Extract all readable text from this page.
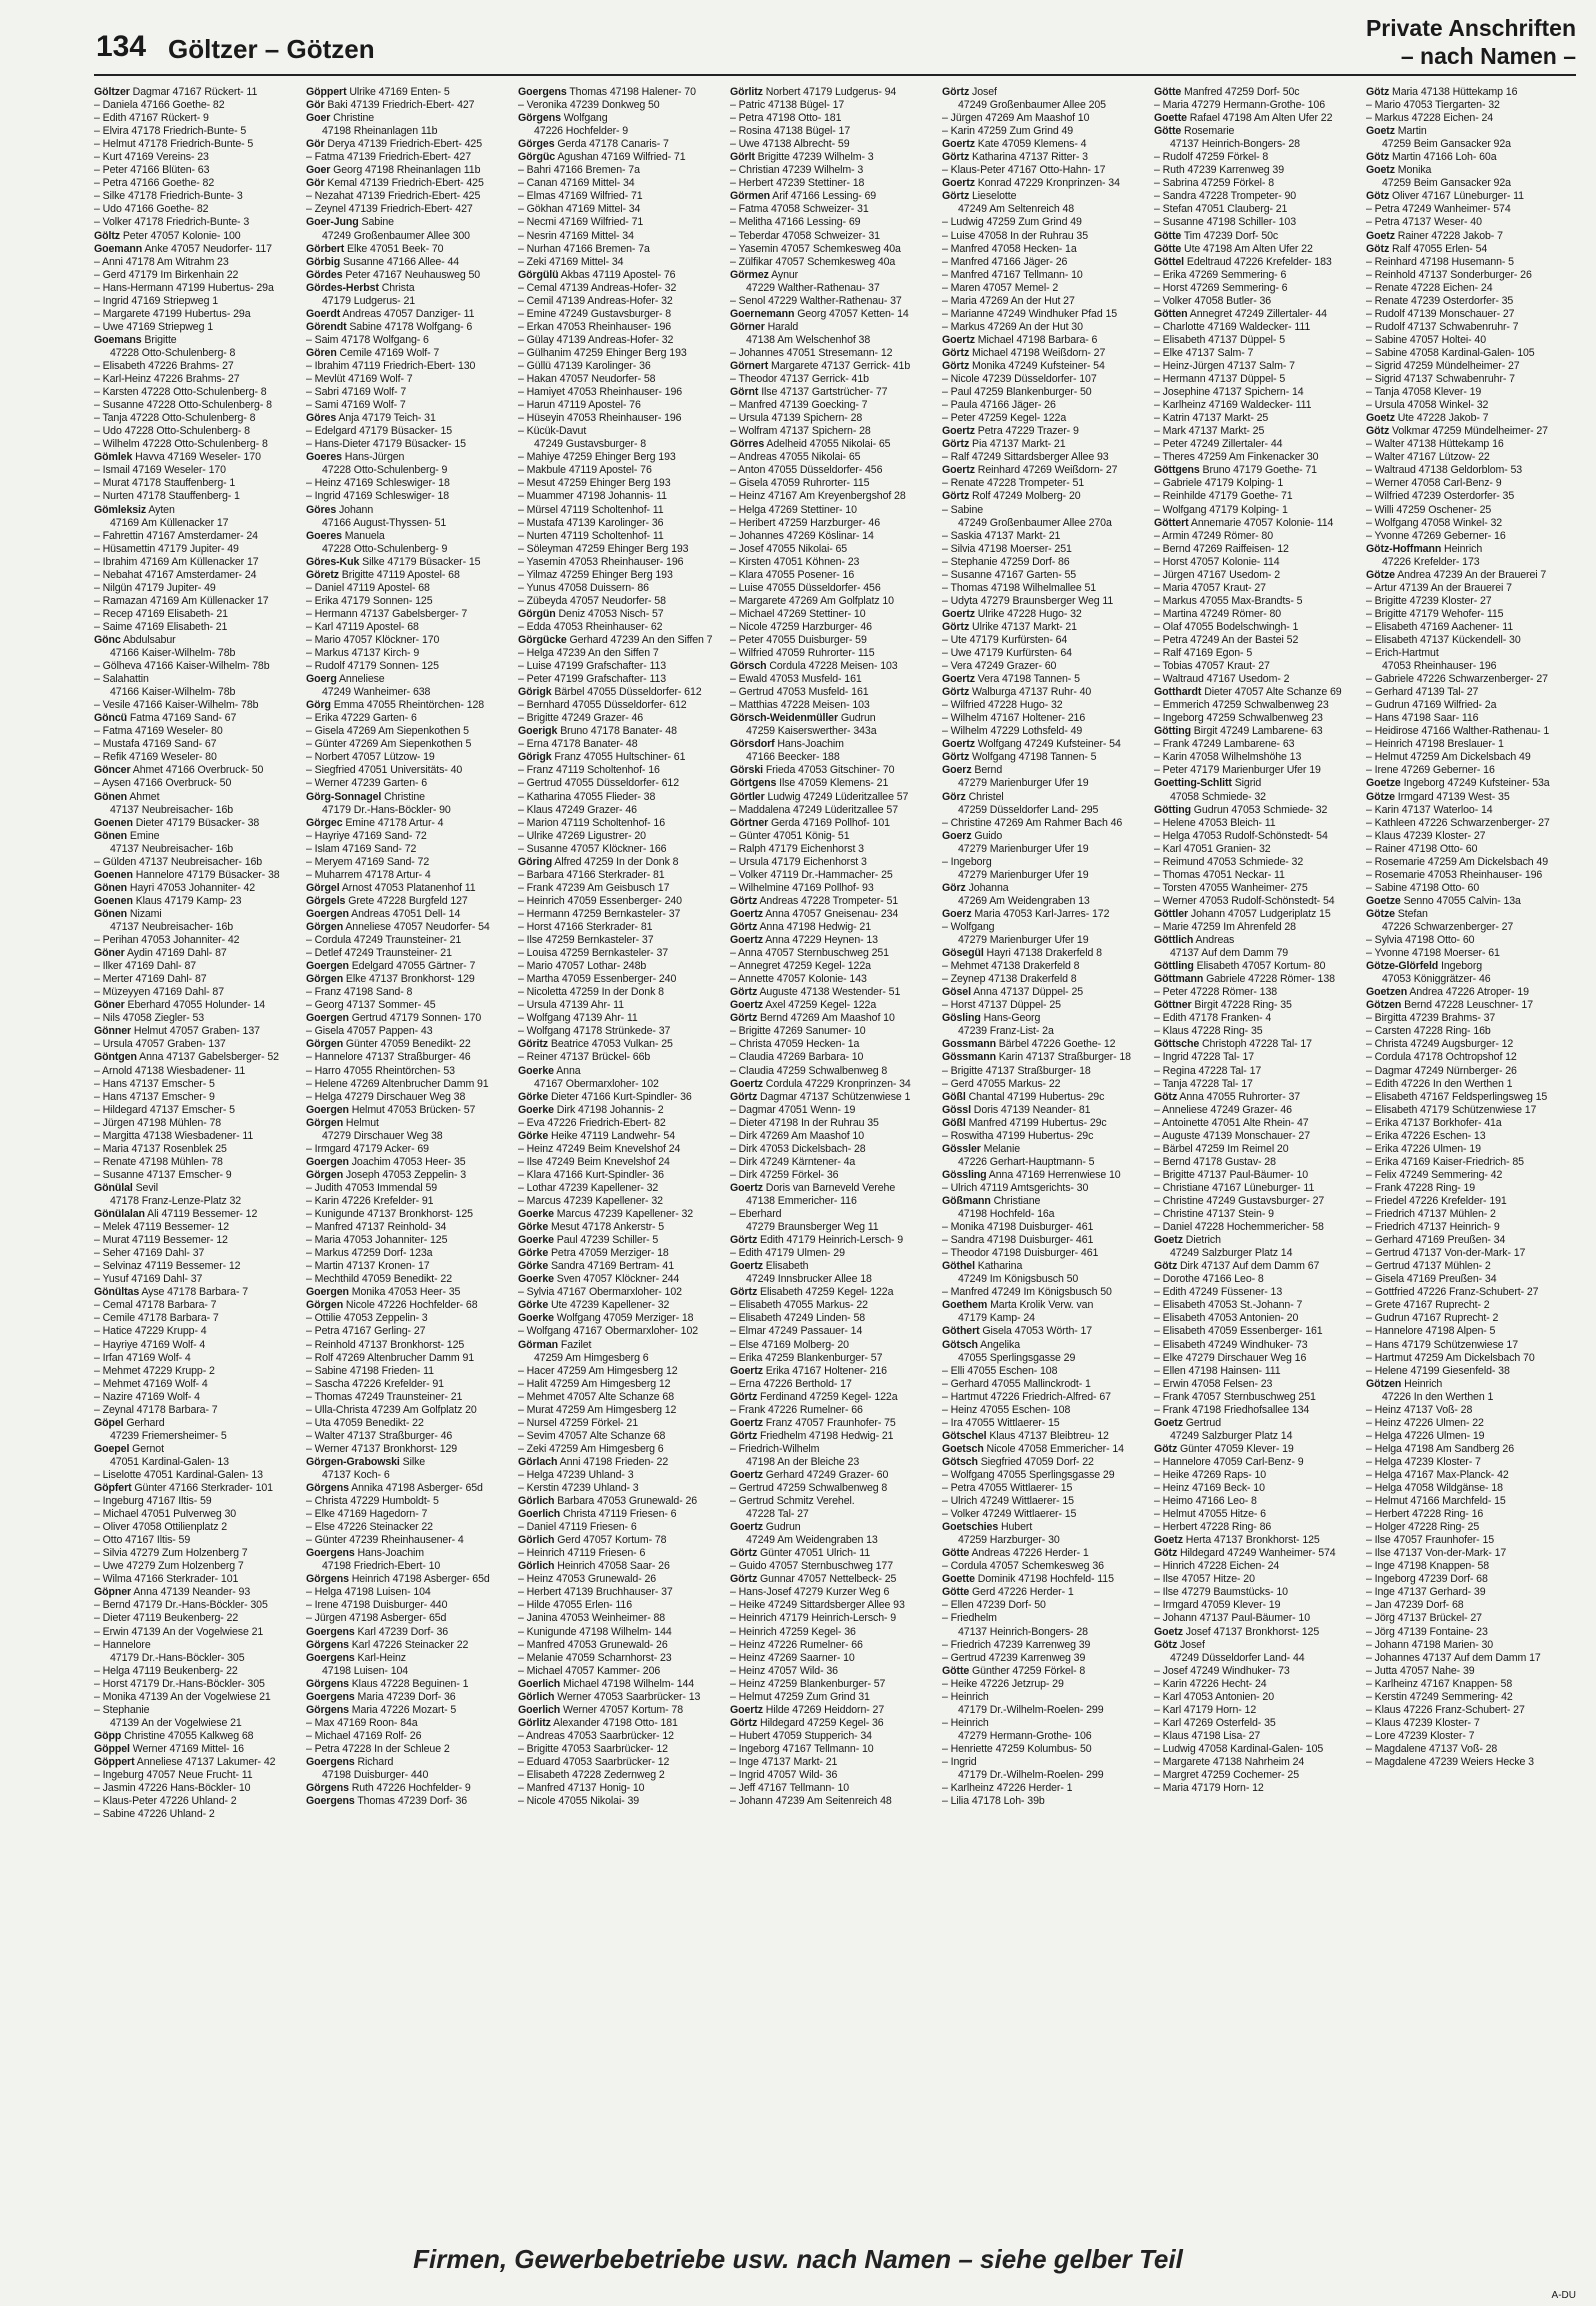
134 Göltzer – Götzen
Private Anschriften
– nach Namen –
Göltzer Dagmar 47167 Rückert- 11
– Daniela 47166 Goethe- 82
– Edith 47167 Rückert- 9
– Elvira 47178 Friedrich-Bunte- 5
– Helmut 47178 Friedrich-Bunte- 5
– Kurt 47169 Vereins- 23
– Peter 47166 Blüten- 63
– Petra 47166 Goethe- 82
– Silke 47178 Friedrich-Bunte- 3
– Udo 47166 Goethe- 82
– Volker 47178 Friedrich-Bunte- 3
Göltz Peter 47057 Kolonie- 100
Goemann Anke 47057 Neudorfer- 117
– Anni 47178 Am Witrahm 23
– Gerd 47179 Im Birkenhain 22
– Hans-Hermann 47199 Hubertus- 29a
– Ingrid 47169 Striepweg 1
– Margarete 47199 Hubertus- 29a
– Uwe 47169 Striepweg 1
Goemans Brigitte
47228 Otto-Schulenberg- 8
– Elisabeth 47226 Brahms- 27
– Karl-Heinz 47226 Brahms- 27
– Karsten 47228 Otto-Schulenberg- 8
– Susanne 47228 Otto-Schulenberg- 8
– Tanja 47228 Otto-Schulenberg- 8
– Udo 47228 Otto-Schulenberg- 8
– Wilhelm 47228 Otto-Schulenberg- 8
Gömlek Havva 47169 Weseler- 170
– Ismail 47169 Weseler- 170
– Murat 47178 Stauffenberg- 1
– Nurten 47178 Stauffenberg- 1
Gömleksiz Ayten
47169 Am Küllenacker 17
– Fahrettin 47167 Amsterdamer- 24
– Hüsamettin 47179 Jupiter- 49
– Ibrahim 47169 Am Küllenacker 17
– Nebahat 47167 Amsterdamer- 24
– Nilgün 47179 Jupiter- 49
– Ramazan 47169 Am Küllenacker 17
– Recep 47169 Elisabeth- 21
– Saime 47169 Elisabeth- 21
Gönc Abdulsabur
47166 Kaiser-Wilhelm- 78b
– Gölheva 47166 Kaiser-Wilhelm- 78b
– Salahattin
47166 Kaiser-Wilhelm- 78b
– Vesile 47166 Kaiser-Wilhelm- 78b
Göncü Fatma 47169 Sand- 67
– Fatma 47169 Weseler- 80
– Mustafa 47169 Sand- 67
– Refik 47169 Weseler- 80
Göncer Ahmet 47166 Overbruck- 50
– Aysen 47166 Overbruck- 50
Gönen Ahmet
47137 Neubreisacher- 16b
Goenen Dieter 47179 Büsacker- 38
Gönen Emine
47137 Neubreisacher- 16b
– Gülden 47137 Neubreisacher- 16b
Goenen Hannelore 47179 Büsacker- 38
Gönen Hayri 47053 Johanniter- 42
Goenen Klaus 47179 Kamp- 23
Gönen Nizami
47137 Neubreisacher- 16b
– Perihan 47053 Johanniter- 42
Göner Aydin 47169 Dahl- 87
– Ilker 47169 Dahl- 87
– Merter 47169 Dahl- 87
– Müzeyyen 47169 Dahl- 87
Göner Eberhard 47055 Holunder- 14
– Nils 47058 Ziegler- 53
Gönner Helmut 47057 Graben- 137
– Ursula 47057 Graben- 137
Göntgen Anna 47137 Gabelsberger- 52
– Arnold 47138 Wiesbadener- 11
– Hans 47137 Emscher- 5
– Hans 47137 Emscher- 9
– Hildegard 47137 Emscher- 5
– Jürgen 47198 Mühlen- 78
– Margitta 47138 Wiesbadener- 11
– Maria 47137 Rosenblek 25
– Renate 47198 Mühlen- 78
– Susanne 47137 Emscher- 9
Gönülal Sevil
47178 Franz-Lenze-Platz 32
Gönülalan Ali 47119 Bessemer- 12
– Melek 47119 Bessemer- 12
– Murat 47119 Bessemer- 12
– Seher 47169 Dahl- 37
– Selvinaz 47119 Bessemer- 12
– Yusuf 47169 Dahl- 37
Gönültas Ayse 47178 Barbara- 7
– Cemal 47178 Barbara- 7
– Cemile 47178 Barbara- 7
– Hatice 47229 Krupp- 4
– Hayriye 47169 Wolf- 4
– Irfan 47169 Wolf- 4
– Mehmet 47229 Krupp- 2
– Mehmet 47169 Wolf- 4
– Nazire 47169 Wolf- 4
– Zeynal 47178 Barbara- 7
Göpel Gerhard
47239 Friemersheimer- 5
Goepel Gernot
47051 Kardinal-Galen- 13
– Liselotte 47051 Kardinal-Galen- 13
Göpfert Günter 47166 Sterkrader- 101
– Ingeburg 47167 Iltis- 59
– Michael 47051 Pulverweg 30
– Oliver 47058 Ottilienplatz 2
– Otto 47167 Iltis- 59
– Silvia 47279 Zum Holzenberg 7
– Uwe 47279 Zum Holzenberg 7
– Wilma 47166 Sterkrader- 101
Göpner Anna 47139 Neander- 93
– Bernd 47179 Dr.-Hans-Böckler- 305
– Dieter 47119 Beukenberg- 22
– Erwin 47139 An der Vogelwiese 21
– Hannelore
47179 Dr.-Hans-Böckler- 305
– Helga 47119 Beukenberg- 22
– Horst 47179 Dr.-Hans-Böckler- 305
– Monika 47139 An der Vogelwiese 21
– Stephanie
47139 An der Vogelwiese 21
Göpp Christine 47055 Kalkweg 68
Göppel Werner 47169 Mittel- 16
Göppert Anneliese 47137 Lakumer- 42
– Ingeburg 47057 Neue Frucht- 11
– Jasmin 47226 Hans-Böckler- 10
– Klaus-Peter 47226 Uhland- 2
– Sabine 47226 Uhland- 2
Göppert Ulrike 47169 Enten- 5
Gör Baki 47139 Friedrich-Ebert- 427
Goer Christine
47198 Rheinanlagen 11b
Gör Derya 47139 Friedrich-Ebert- 425
– Fatma 47139 Friedrich-Ebert- 427
Goer Georg 47198 Rheinanlagen 11b
Gör Kemal 47139 Friedrich-Ebert- 425
– Nezahat 47139 Friedrich-Ebert- 425
– Zeynel 47139 Friedrich-Ebert- 427
Goer-Jung Sabine
47249 Großenbaumer Allee 300
Görbert Elke 47051 Beek- 70
Görbig Susanne 47166 Allee- 44
Gördes Peter 47167 Neuhausweg 50
Gördes-Herbst Christa
47179 Ludgerus- 21
Goerdt Andreas 47057 Danziger- 11
Görendt Sabine 47178 Wolfgang- 6
– Saim 47178 Wolfgang- 6
Gören Cemile 47169 Wolf- 7
– Ibrahim 47119 Friedrich-Ebert- 130
– Mevlüt 47169 Wolf- 7
– Sabri 47169 Wolf- 7
– Sami 47169 Wolf- 7
Göres Anja 47179 Teich- 31
– Edelgard 47179 Büsacker- 15
– Hans-Dieter 47179 Büsacker- 15
Goeres Hans-Jürgen
47228 Otto-Schulenberg- 9
– Heinz 47169 Schleswiger- 18
– Ingrid 47169 Schleswiger- 18
Göres Johann
47166 August-Thyssen- 51
Goeres Manuela
47228 Otto-Schulenberg- 9
Göres-Kuk Silke 47179 Büsacker- 15
Göretz Brigitte 47119 Apostel- 68
– Daniel 47119 Apostel- 68
– Erika 47179 Sonnen- 125
– Hermann 47137 Gabelsberger- 7
– Karl 47119 Apostel- 68
– Mario 47057 Klöckner- 170
– Markus 47137 Kirch- 9
– Rudolf 47179 Sonnen- 125
Goerg Anneliese
47249 Wanheimer- 638
Görg Emma 47055 Rheintörchen- 128
– Erika 47229 Garten- 6
– Gisela 47269 Am Siepenkothen 5
– Günter 47269 Am Siepenkothen 5
– Norbert 47057 Lützow- 19
– Siegfried 47051 Universitäts- 40
– Werner 47239 Garten- 6
Görg-Sonnagel Christine
47179 Dr.-Hans-Böckler- 90
Görgec Emine 47178 Artur- 4
– Hayriye 47169 Sand- 72
– Islam 47169 Sand- 72
– Meryem 47169 Sand- 72
– Muharrem 47178 Artur- 4
Görgel Arnost 47053 Platanenhof 11
Görgels Grete 47228 Burgfeld 127
Goergen Andreas 47051 Dell- 14
Görgen Anneliese 47057 Neudorfer- 54
– Cordula 47249 Traunsteiner- 21
– Detlef 47249 Traunsteiner- 21
Goergen Edelgard 47055 Gärtner- 7
Görgen Elke 47137 Bronkhorst- 129
– Franz 47198 Sand- 8
– Georg 47137 Sommer- 45
Goergen Gertrud 47179 Sonnen- 170
– Gisela 47057 Pappen- 43
Görgen Günter 47059 Benedikt- 22
– Hannelore 47137 Straßburger- 46
– Harro 47055 Rheintörchen- 53
– Helene 47269 Altenbrucher Damm 91
– Helga 47279 Dirschauer Weg 38
Goergen Helmut 47053 Brücken- 57
Görgen Helmut
47279 Dirschauer Weg 38
– Irmgard 47179 Acker- 69
Goergen Joachim 47053 Heer- 35
Görgen Joseph 47053 Zeppelin- 3
– Judith 47053 Immendal 59
– Karin 47226 Krefelder- 91
– Kunigunde 47137 Bronkhorst- 125
– Manfred 47137 Reinhold- 34
– Maria 47053 Johanniter- 125
– Markus 47259 Dorf- 123a
– Martin 47137 Kronen- 17
– Mechthild 47059 Benedikt- 22
Goergen Monika 47053 Heer- 35
Görgen Nicole 47226 Hochfelder- 68
– Ottilie 47053 Zeppelin- 3
– Petra 47167 Gerling- 27
– Reinhold 47137 Bronkhorst- 125
– Rolf 47269 Altenbrucher Damm 91
– Sabine 47198 Frieden- 11
– Sascha 47226 Krefelder- 91
– Thomas 47249 Traunsteiner- 21
– Ulla-Christa 47239 Am Golfplatz 20
– Uta 47059 Benedikt- 22
– Walter 47137 Straßburger- 46
– Werner 47137 Bronkhorst- 129
Görgen-Grabowski Silke
47137 Koch- 6
Görgens Annika 47198 Asberger- 65d
– Christa 47229 Humboldt- 5
– Elke 47169 Hagedorn- 7
– Else 47226 Steinacker 22
– Günter 47239 Rheinhausener- 4
Goergens Hans-Joachim
47198 Friedrich-Ebert- 10
Görgens Heinrich 47198 Asberger- 65d
– Helga 47198 Luisen- 104
– Irene 47198 Duisburger- 440
– Jürgen 47198 Asberger- 65d
Goergens Karl 47239 Dorf- 36
Görgens Karl 47226 Steinacker 22
Goergens Karl-Heinz
47198 Luisen- 104
Görgens Klaus 47228 Beguinen- 1
Goergens Maria 47239 Dorf- 36
Görgens Maria 47226 Mozart- 5
– Max 47169 Roon- 84a
– Michael 47169 Rolf- 26
– Petra 47228 In der Schleue 2
Goergens Richard
47198 Duisburger- 440
Görgens Ruth 47226 Hochfelder- 9
Goergens Thomas 47239 Dorf- 36
Goergens Thomas 47198 Halener- 70
– Veronika 47239 Donkweg 50
Görgens Wolfgang
47226 Hochfelder- 9
Görges Gerda 47178 Canaris- 7
Görgüc Agushan 47169 Wilfried- 71
– Bahri 47166 Bremen- 7a
– Canan 47169 Mittel- 34
– Elmas 47169 Wilfried- 71
– Gökhan 47169 Mittel- 34
– Necmi 47169 Wilfried- 71
– Nesrin 47169 Mittel- 34
– Nurhan 47166 Bremen- 7a
– Zeki 47169 Mittel- 34
Görgülü Akbas 47119 Apostel- 76
– Cemal 47139 Andreas-Hofer- 32
– Cemil 47139 Andreas-Hofer- 32
– Emine 47249 Gustavsburger- 8
– Erkan 47053 Rheinhauser- 196
– Gülay 47139 Andreas-Hofer- 32
– Gülhanim 47259 Ehinger Berg 193
– Güllü 47139 Karolinger- 36
– Hakan 47057 Neudorfer- 58
– Hamiyet 47053 Rheinhauser- 196
– Harun 47119 Apostel- 76
– Hüseyin 47053 Rheinhauser- 196
– Kücük-Davut
47249 Gustavsburger- 8
– Mahiye 47259 Ehinger Berg 193
– Makbule 47119 Apostel- 76
– Mesut 47259 Ehinger Berg 193
– Muammer 47198 Johannis- 11
– Mürsel 47119 Scholtenhof- 11
– Mustafa 47139 Karolinger- 36
– Nurten 47119 Scholtenhof- 11
– Söleyman 47259 Ehinger Berg 193
– Yasemin 47053 Rheinhauser- 196
– Yilmaz 47259 Ehinger Berg 193
– Yunus 47058 Duissern- 86
– Zübeyda 47057 Neudorfer- 58
Görgün Deniz 47053 Nisch- 57
– Edda 47053 Rheinhauser- 62
Görgücke Gerhard 47239 An den Siffen 7
– Helga 47239 An den Siffen 7
– Luise 47199 Grafschafter- 113
– Peter 47199 Grafschafter- 113
Görigk Bärbel 47055 Düsseldorfer- 612
– Bernhard 47055 Düsseldorfer- 612
– Brigitte 47249 Grazer- 46
Goerigk Bruno 47178 Banater- 48
– Erna 47178 Banater- 48
Görigk Franz 47055 Hultschiner- 61
– Franz 47119 Scholtenhof- 16
– Gertrud 47055 Düsseldorfer- 612
– Katharina 47055 Flieder- 38
– Klaus 47249 Grazer- 46
– Marion 47119 Scholtenhof- 16
– Ulrike 47269 Ligustrer- 20
– Susanne 47057 Klöckner- 166
Göring Alfred 47259 In der Donk 8
– Barbara 47166 Sterkrader- 81
– Frank 47239 Am Geisbusch 17
– Heinrich 47059 Essenberger- 240
– Hermann 47259 Bernkasteler- 37
– Horst 47166 Sterkrader- 81
– Ilse 47259 Bernkasteler- 37
– Louisa 47259 Bernkasteler- 37
– Mario 47057 Lothar- 248b
– Martha 47059 Essenberger- 240
– Nicoletta 47259 In der Donk 8
– Ursula 47139 Ahr- 11
– Wolfgang 47139 Ahr- 11
– Wolfgang 47178 Strünkede- 37
Göritz Beatrice 47053 Vulkan- 25
– Reiner 47137 Brückel- 66b
Goerke Anna
47167 Obermarxloher- 102
Görke Dieter 47166 Kurt-Spindler- 36
Goerke Dirk 47198 Johannis- 2
– Eva 47226 Friedrich-Ebert- 82
Görke Heike 47119 Landwehr- 54
– Heinz 47249 Beim Knevelshof 24
– Ilse 47249 Beim Knevelshof 24
– Klara 47166 Kurt-Spindler- 36
– Lothar 47239 Kapellener- 32
– Marcus 47239 Kapellener- 32
Goerke Marcus 47239 Kapellener- 32
Görke Mesut 47178 Ankerstr- 5
Goerke Paul 47239 Schiller- 5
Görke Petra 47059 Merziger- 18
Görke Sandra 47169 Bertram- 41
Goerke Sven 47057 Klöckner- 244
– Sylvia 47167 Obermarxloher- 102
Görke Ute 47239 Kapellener- 32
Goerke Wolfgang 47059 Merziger- 18
– Wolfgang 47167 Obermarxloher- 102
Görman Fazilet
47259 Am Himgesberg 6
– Hacer 47259 Am Himgesberg 12
– Halit 47259 Am Himgesberg 12
– Mehmet 47057 Alte Schanze 68
– Murat 47259 Am Himgesberg 12
– Nursel 47259 Förkel- 21
– Sevim 47057 Alte Schanze 68
– Zeki 47259 Am Himgesberg 6
Görlach Anni 47198 Frieden- 22
– Helga 47239 Uhland- 3
– Kerstin 47239 Uhland- 3
Görlich Barbara 47053 Grunewald- 26
Goerlich Christa 47119 Friesen- 6
– Daniel 47119 Friesen- 6
Görlich Gerd 47057 Kortum- 78
– Heinrich 47119 Friesen- 6
Görlich Heinrich 47058 Saar- 26
– Heinz 47053 Grunewald- 26
– Herbert 47139 Bruchhauser- 37
– Hilde 47055 Erlen- 116
– Janina 47053 Weinheimer- 88
– Kunigunde 47198 Wilhelm- 144
– Manfred 47053 Grunewald- 26
– Melanie 47059 Scharnhorst- 23
– Michael 47057 Kammer- 206
Goerlich Michael 47198 Wilhelm- 144
Görlich Werner 47053 Saarbrücker- 13
Goerlich Werner 47057 Kortum- 78
Görlitz Alexander 47198 Otto- 181
– Andreas 47053 Saarbrücker- 12
– Brigitte 47053 Saarbrücker- 12
– Eduard 47053 Saarbrücker- 12
– Elisabeth 47228 Zedernweg 2
– Manfred 47137 Honig- 10
– Nicole 47055 Nikolai- 39
Görlitz Norbert 47179 Ludgerus- 94
– Patric 47138 Bügel- 17
– Petra 47198 Otto- 181
– Rosina 47138 Bügel- 17
– Uwe 47138 Albrecht- 59
Görlt Brigitte 47239 Wilhelm- 3
– Christian 47239 Wilhelm- 3
– Herbert 47239 Stettiner- 18
Görmen Arif 47166 Lessing- 69
– Fatma 47058 Schweizer- 31
– Melitha 47166 Lessing- 69
– Teberdar 47058 Schweizer- 31
– Yasemin 47057 Schemkesweg 40a
– Zülfikar 47057 Schemkesweg 40a
Görmez Aynur
47229 Walther-Rathenau- 37
– Senol 47229 Walther-Rathenau- 37
Goernemann Georg 47057 Ketten- 14
Görner Harald
47138 Am Welschenhof 38
– Johannes 47051 Stresemann- 12
Görnert Margarete 47137 Gerrick- 41b
– Theodor 47137 Gerrick- 41b
Görnt Ilse 47137 Gartstrücher- 77
– Manfred 47139 Goecking- 7
– Ursula 47139 Spichern- 28
– Wolfram 47137 Spichern- 28
Görres Adelheid 47055 Nikolai- 65
– Andreas 47055 Nikolai- 65
– Anton 47055 Düsseldorfer- 456
– Gisela 47059 Ruhrorter- 115
– Heinz 47167 Am Kreyenbergshof 28
– Helga 47269 Stettiner- 10
– Heribert 47259 Harzburger- 46
– Johannes 47269 Köslinar- 14
– Josef 47055 Nikolai- 65
– Kirsten 47051 Köhnen- 23
– Klara 47055 Posener- 16
– Luise 47055 Düsseldorfer- 456
– Margarete 47269 Am Golfplatz 10
– Michael 47269 Stettiner- 10
– Nicole 47259 Harzburger- 46
– Peter 47055 Duisburger- 59
– Wilfried 47059 Ruhrorter- 115
Görsch Cordula 47228 Meisen- 103
– Ewald 47053 Musfeld- 161
– Gertrud 47053 Musfeld- 161
– Matthias 47228 Meisen- 103
Görsch-Weidenmüller Gudrun
47259 Kaiserswerther- 343a
Görsdorf Hans-Joachim
47166 Beecker- 188
Görski Frieda 47053 Gitschiner- 70
Görtgens Ilse 47059 Klemens- 21
Görtler Ludwig 47249 Lüderitzallee 57
– Maddalena 47249 Lüderitzallee 57
Görtner Gerda 47169 Pollhof- 101
– Günter 47051 König- 51
– Ralph 47179 Eichenhorst 3
– Ursula 47179 Eichenhorst 3
– Volker 47119 Dr.-Hammacher- 25
– Wilhelmine 47169 Pollhof- 93
Görtz Andreas 47228 Trompeter- 51
Goertz Anna 47057 Gneisenau- 234
Görtz Anna 47198 Hedwig- 21
Goertz Anna 47229 Heynen- 13
– Anna 47057 Sternbuschweg 251
– Annegret 47259 Kegel- 122a
– Annette 47057 Kolonie- 143
Görtz Auguste 47138 Westender- 51
Goertz Axel 47259 Kegel- 122a
Görtz Bernd 47269 Am Maashof 10
– Brigitte 47269 Sanumer- 10
– Christa 47059 Hecken- 1a
– Claudia 47269 Barbara- 10
– Claudia 47259 Schwalbenweg 8
Goertz Cordula 47229 Kronprinzen- 34
Görtz Dagmar 47137 Schützenwiese 1
– Dagmar 47051 Wenn- 19
– Dieter 47198 In der Ruhrau 35
– Dirk 47269 Am Maashof 10
– Dirk 47053 Dickelsbach- 28
– Dirk 47249 Kärntener- 4a
– Dirk 47259 Förkel- 36
Goertz Doris van Barneveld Verehe
47138 Emmericher- 116
– Eberhard
47279 Braunsberger Weg 11
Görtz Edith 47179 Heinrich-Lersch- 9
– Edith 47179 Ulmen- 29
Goertz Elisabeth
47249 Innsbrucker Allee 18
Görtz Elisabeth 47259 Kegel- 122a
– Elisabeth 47055 Markus- 22
– Elisabeth 47249 Linden- 58
– Elmar 47249 Passauer- 14
– Else 47169 Molberg- 20
– Erika 47259 Blankenburger- 57
Goertz Erika 47167 Holtener- 216
– Erna 47226 Berthold- 17
Görtz Ferdinand 47259 Kegel- 122a
– Frank 47226 Rumelner- 66
Goertz Franz 47057 Fraunhofer- 75
Görtz Friedhelm 47198 Hedwig- 21
– Friedrich-Wilhelm
47198 An der Bleiche 23
Goertz Gerhard 47249 Grazer- 60
– Gertrud 47259 Schwalbenweg 8
– Gertrud Schmitz Verehel.
47228 Tal- 27
Goertz Gudrun
47249 Am Weidengraben 13
Görtz Günter 47051 Ulrich- 11
– Guido 47057 Sternbuschweg 177
Görtz Gunnar 47057 Nettelbeck- 25
– Hans-Josef 47279 Kurzer Weg 6
– Heike 47249 Sittardsberger Allee 93
– Heinrich 47179 Heinrich-Lersch- 9
– Heinrich 47259 Kegel- 36
– Heinz 47226 Rumelner- 66
– Heinz 47269 Saarner- 10
– Heinz 47057 Wild- 36
– Heinz 47259 Blankenburger- 57
– Helmut 47259 Zum Grind 31
Goertz Hilde 47269 Heiddorn- 27
Görtz Hildegard 47259 Kegel- 36
– Hubert 47059 Stupperich- 34
– Ingeborg 47167 Tellmann- 10
– Inge 47137 Markt- 21
– Ingrid 47057 Wild- 36
– Jeff 47167 Tellmann- 10
– Johann 47239 Am Seitenreich 48
Görtz Josef
47249 Großenbaumer Allee 205
– Jürgen 47269 Am Maashof 10
– Karin 47259 Zum Grind 49
Goertz Kate 47059 Klemens- 4
Görtz Katharina 47137 Ritter- 3
– Klaus-Peter 47167 Otto-Hahn- 17
Goertz Konrad 47229 Kronprinzen- 34
Görtz Lieselotte
47249 Am Seltenreich 48
– Ludwig 47259 Zum Grind 49
– Luise 47058 In der Ruhrau 35
– Manfred 47058 Hecken- 1a
– Manfred 47166 Jäger- 26
– Manfred 47167 Tellmann- 10
– Maren 47057 Memel- 2
– Maria 47269 An der Hut 27
– Marianne 47249 Windhuker Pfad 15
– Markus 47269 An der Hut 30
Goertz Michael 47198 Barbara- 6
Görtz Michael 47198 Weißdorn- 27
Görtz Monika 47249 Kufsteiner- 54
– Nicole 47239 Düsseldorfer- 107
– Paul 47259 Blankenburger- 50
– Paula 47166 Jäger- 26
– Peter 47259 Kegel- 122a
Goertz Petra 47229 Trazer- 9
Görtz Pia 47137 Markt- 21
– Ralf 47249 Sittardsberger Allee 93
Goertz Reinhard 47269 Weißdorn- 27
– Renate 47228 Trompeter- 51
Görtz Rolf 47249 Molberg- 20
– Sabine
47249 Großenbaumer Allee 270a
– Saskia 47137 Markt- 21
– Silvia 47198 Moerser- 251
– Stephanie 47259 Dorf- 86
– Susanne 47167 Garten- 55
– Thomas 47198 Wilhelmallee 51
– Udyta 47279 Braunsberger Weg 11
Goertz Ulrike 47228 Hugo- 32
Görtz Ulrike 47137 Markt- 21
– Ute 47179 Kurfürsten- 64
– Uwe 47179 Kurfürsten- 64
– Vera 47249 Grazer- 60
Goertz Vera 47198 Tannen- 5
Görtz Walburga 47137 Ruhr- 40
– Wilfried 47228 Hugo- 32
– Wilhelm 47167 Holtener- 216
– Wilhelm 47229 Lothsfeld- 49
Goertz Wolfgang 47249 Kufsteiner- 54
Görtz Wolfgang 47198 Tannen- 5
Goerz Bernd
47279 Marienburger Ufer 19
Görz Christel
47259 Düsseldorfer Land- 295
– Christine 47269 Am Rahmer Bach 46
Goerz Guido
47279 Marienburger Ufer 19
– Ingeborg
47279 Marienburger Ufer 19
Görz Johanna
47269 Am Weidengraben 13
Goerz Maria 47053 Karl-Jarres- 172
– Wolfgang
47279 Marienburger Ufer 19
Gösegül Hayri 47138 Drakerfeld 8
– Mehmet 47138 Drakerfeld 8
– Zeynep 47138 Drakerfeld 8
Gösel Anna 47137 Düppel- 25
– Horst 47137 Düppel- 25
Gösling Hans-Georg
47239 Franz-List- 2a
Gossmann Bärbel 47226 Goethe- 12
Gössmann Karin 47137 Straßburger- 18
– Brigitte 47137 Straßburger- 18
– Gerd 47055 Markus- 22
Gößl Chantal 47199 Hubertus- 29c
Gössl Doris 47139 Neander- 81
Gößl Manfred 47199 Hubertus- 29c
– Roswitha 47199 Hubertus- 29c
Gössler Melanie
47226 Gerhart-Hauptmann- 5
Gössling Anna 47169 Herrenwiese 10
– Ulrich 47119 Amtsgerichts- 30
Gößmann Christiane
47198 Hochfeld- 16a
– Monika 47198 Duisburger- 461
– Sandra 47198 Duisburger- 461
– Theodor 47198 Duisburger- 461
Göthel Katharina
47249 Im Königsbusch 50
– Manfred 47249 Im Königsbusch 50
Goethem Marta Krolik Verw. van
47179 Kamp- 24
Göthert Gisela 47053 Wörth- 17
Götsch Angelika
47055 Sperlingsgasse 29
– Elli 47055 Eschen- 108
– Gerhard 47055 Mallinckrodt- 1
– Hartmut 47226 Friedrich-Alfred- 67
– Heinz 47055 Eschen- 108
– Ira 47055 Wittlaerer- 15
Götschel Klaus 47137 Bleibtreu- 12
Goetsch Nicole 47058 Emmericher- 14
Götsch Siegfried 47059 Dorf- 22
– Wolfgang 47055 Sperlingsgasse 29
– Petra 47055 Wittlaerer- 15
– Ulrich 47249 Wittlaerer- 15
– Volker 47249 Wittlaerer- 15
Goetschies Hubert
47259 Harzburger- 30
Götte Andreas 47226 Herder- 1
– Cordula 47057 Schemkesweg 36
Goette Dominik 47198 Hochfeld- 115
Götte Gerd 47226 Herder- 1
– Ellen 47239 Dorf- 50
– Friedhelm
47137 Heinrich-Bongers- 28
– Friedrich 47239 Karrenweg 39
– Gertrud 47239 Karrenweg 39
Götte Günther 47259 Förkel- 8
– Heike 47226 Jetzrup- 29
– Heinrich
47179 Dr.-Wilhelm-Roelen- 299
– Heinrich
47279 Hermann-Grothe- 106
– Henriette 47259 Kolumbus- 50
– Ingrid
47179 Dr.-Wilhelm-Roelen- 299
– Karlheinz 47226 Herder- 1
– Lilia 47178 Loh- 39b
Götte Manfred 47259 Dorf- 50c
– Maria 47279 Hermann-Grothe- 106
Goette Rafael 47198 Am Alten Ufer 22
Götte Rosemarie
47137 Heinrich-Bongers- 28
– Rudolf 47259 Förkel- 8
– Ruth 47239 Karrenweg 39
– Sabrina 47259 Förkel- 8
– Sandra 47228 Trompeter- 90
– Stefan 47051 Clauberg- 21
– Susanne 47198 Schiller- 103
Götte Tim 47239 Dorf- 50c
Götte Ute 47198 Am Alten Ufer 22
Göttel Edeltraud 47226 Krefelder- 183
– Erika 47269 Semmering- 6
– Horst 47269 Semmering- 6
– Volker 47058 Butler- 36
Götten Annegret 47249 Zillertaler- 44
– Charlotte 47169 Waldecker- 111
– Elisabeth 47137 Düppel- 5
– Elke 47137 Salm- 7
– Heinz-Jürgen 47137 Salm- 7
– Hermann 47137 Düppel- 5
– Josephine 47137 Spichern- 14
– Karlheinz 47169 Waldecker- 111
– Katrin 47137 Markt- 25
– Mark 47137 Markt- 25
– Peter 47249 Zillertaler- 44
– Theres 47259 Am Finkenacker 30
Göttgens Bruno 47179 Goethe- 71
– Gabriele 47179 Kolping- 1
– Reinhilde 47179 Goethe- 71
– Wolfgang 47179 Kolping- 1
Göttert Annemarie 47057 Kolonie- 114
– Armin 47249 Römer- 80
– Bernd 47269 Raiffeisen- 12
– Horst 47057 Kolonie- 114
– Jürgen 47167 Usedom- 2
– Maria 47057 Kraut- 27
– Markus 47055 Max-Brandts- 5
– Martina 47249 Römer- 80
– Olaf 47055 Bodelschwingh- 1
– Petra 47249 An der Bastei 52
– Ralf 47169 Egon- 5
– Tobias 47057 Kraut- 27
– Waltraud 47167 Usedom- 2
Gotthardt Dieter 47057 Alte Schanze 69
– Emmerich 47259 Schwalbenweg 23
– Ingeborg 47259 Schwalbenweg 23
Götting Birgit 47249 Lambarene- 63
– Frank 47249 Lambarene- 63
– Karin 47058 Wilhelmshöhe 13
– Peter 47179 Marienburger Ufer 19
Goetting-Schlitt Sigrid
47058 Schmiede- 32
Götting Gudrun 47053 Schmiede- 32
– Helene 47053 Bleich- 11
– Helga 47053 Rudolf-Schönstedt- 54
– Karl 47051 Granien- 32
– Reimund 47053 Schmiede- 32
– Thomas 47051 Neckar- 11
– Torsten 47055 Wanheimer- 275
– Werner 47053 Rudolf-Schönstedt- 54
Göttler Johann 47057 Ludgeriplatz 15
– Marie 47259 Im Ahrenfeld 28
Göttlich Andreas
47137 Auf dem Damm 79
Göttling Elisabeth 47057 Kortum- 80
Göttmann Gabriele 47228 Römer- 138
– Peter 47228 Römer- 138
Göttner Birgit 47228 Ring- 35
– Edith 47178 Franken- 4
– Klaus 47228 Ring- 35
Göttsche Christoph 47228 Tal- 17
– Ingrid 47228 Tal- 17
– Regina 47228 Tal- 17
– Tanja 47228 Tal- 17
Götz Anna 47055 Ruhrorter- 37
– Anneliese 47249 Grazer- 46
– Antoinette 47051 Alte Rhein- 47
– Auguste 47139 Monschauer- 27
– Bärbel 47259 Im Reimel 20
– Bernd 47178 Gustav- 28
– Brigitte 47137 Paul-Bäumer- 10
– Christiane 47167 Lüneburger- 11
– Christine 47249 Gustavsburger- 27
– Christine 47137 Stein- 9
– Daniel 47228 Hochemmericher- 58
Goetz Dietrich
47249 Salzburger Platz 14
Götz Dirk 47137 Auf dem Damm 67
– Dorothe 47166 Leo- 8
– Edith 47249 Füssener- 13
– Elisabeth 47053 St.-Johann- 7
– Elisabeth 47053 Antonien- 20
– Elisabeth 47059 Essenberger- 161
– Elisabeth 47249 Windhuker- 73
– Elke 47279 Dirschauer Weg 16
– Ellen 47198 Hainsen- 111
– Erwin 47058 Felsen- 23
– Frank 47057 Sternbuschweg 251
– Frank 47198 Friedhofsallee 134
Goetz Gertrud
47249 Salzburger Platz 14
Götz Günter 47059 Klever- 19
– Hannelore 47059 Carl-Benz- 9
– Heike 47269 Raps- 10
– Heinz 47169 Beck- 10
– Heimo 47166 Leo- 8
– Helmut 47055 Hitze- 6
– Herbert 47228 Ring- 86
Goetz Herta 47137 Bronkhorst- 125
Götz Hildegard 47249 Wanheimer- 574
– Hinrich 47228 Eichen- 24
– Ilse 47057 Hitze- 20
– Ilse 47279 Baumstücks- 10
– Irmgard 47059 Klever- 19
– Johann 47137 Paul-Bäumer- 10
Goetz Josef 47137 Bronkhorst- 125
Götz Josef
47249 Düsseldorfer Land- 44
– Josef 47249 Windhuker- 73
– Karin 47226 Hecht- 24
– Karl 47053 Antonien- 20
– Karl 47179 Horn- 12
– Karl 47269 Osterfeld- 35
– Klaus 47198 Lisa- 27
– Ludwig 47058 Kardinal-Galen- 105
– Margarete 47138 Nahrheim 24
– Margret 47259 Cochemer- 25
– Maria 47179 Horn- 12
Götz Maria 47138 Hüttekamp 16
– Mario 47053 Tiergarten- 32
– Markus 47228 Eichen- 24
Goetz Martin
47259 Beim Gansacker 92a
Götz Martin 47166 Loh- 60a
Goetz Monika
47259 Beim Gansacker 92a
Götz Oliver 47167 Lüneburger- 11
– Petra 47249 Wanheimer- 574
– Petra 47137 Weser- 40
Goetz Rainer 47228 Jakob- 7
Götz Ralf 47055 Erlen- 54
– Reinhard 47198 Husemann- 5
– Reinhold 47137 Sonderburger- 26
– Renate 47228 Eichen- 24
– Renate 47239 Osterdorfer- 35
– Rudolf 47139 Monschauer- 27
– Rudolf 47137 Schwabenruhr- 7
– Sabine 47057 Holtei- 40
– Sabine 47058 Kardinal-Galen- 105
– Sigrid 47259 Mündelheimer- 27
– Sigrid 47137 Schwabenruhr- 7
– Tanja 47058 Klever- 19
– Ursula 47058 Winkel- 32
Goetz Ute 47228 Jakob- 7
Götz Volkmar 47259 Mündelheimer- 27
– Walter 47138 Hüttekamp 16
– Walter 47167 Lützow- 22
– Waltraud 47138 Geldorblom- 53
– Werner 47058 Carl-Benz- 9
– Wilfried 47239 Osterdorfer- 35
– Willi 47259 Oschener- 25
– Wolfgang 47058 Winkel- 32
– Yvonne 47269 Geberner- 16
Götz-Hoffmann Heinrich
47226 Krefelder- 173
Götze Andrea 47239 An der Brauerei 7
– Artur 47139 An der Brauerei 7
– Brigitte 47239 Kloster- 27
– Brigitte 47179 Wehofer- 115
– Elisabeth 47169 Aachener- 11
– Elisabeth 47137 Kückendell- 30
– Erich-Hartmut
47053 Rheinhauser- 196
– Gabriele 47226 Schwarzenberger- 27
– Gerhard 47139 Tal- 27
– Gudrun 47169 Wilfried- 2a
– Hans 47198 Saar- 116
– Heidirose 47166 Walther-Rathenau- 1
– Heinrich 47198 Breslauer- 1
– Helmut 47259 Am Dickelsbach 49
– Irene 47269 Geberner- 16
Goetze Ingeborg 47249 Kufsteiner- 53a
Götze Irmgard 47139 West- 35
– Karin 47137 Waterloo- 14
– Kathleen 47226 Schwarzenberger- 27
– Klaus 47239 Kloster- 27
– Rainer 47198 Otto- 60
– Rosemarie 47259 Am Dickelsbach 49
– Rosemarie 47053 Rheinhauser- 196
– Sabine 47198 Otto- 60
Goetze Senno 47055 Calvin- 13a
Götze Stefan
47226 Schwarzenberger- 27
– Sylvia 47198 Otto- 60
– Yvonne 47198 Moerser- 61
Götze-Glörfeld Ingeborg
47053 Königgrätzer- 46
Goetzen Andrea 47226 Atroper- 19
Götzen Bernd 47228 Leuschner- 17
– Birgitta 47239 Brahms- 37
– Carsten 47228 Ring- 16b
– Christa 47249 Augsburger- 12
– Cordula 47178 Ochtropshof 12
– Dagmar 47249 Nürnberger- 26
– Edith 47226 In den Werthen 1
– Elisabeth 47167 Feldsperlingsweg 15
– Elisabeth 47179 Schützenwiese 17
– Erika 47137 Borkhofer- 41a
– Erika 47226 Eschen- 13
– Erika 47226 Ulmen- 19
– Erika 47169 Kaiser-Friedrich- 85
– Felix 47249 Semmering- 42
– Frank 47228 Ring- 19
– Friedel 47226 Krefelder- 191
– Friedrich 47137 Mühlen- 2
– Friedrich 47137 Heinrich- 9
– Gerhard 47169 Preußen- 34
– Gertrud 47137 Von-der-Mark- 17
– Gertrud 47137 Mühlen- 2
– Gisela 47169 Preußen- 34
– Gottfried 47226 Franz-Schubert- 27
– Grete 47167 Ruprecht- 2
– Gudrun 47167 Ruprecht- 2
– Hannelore 47198 Alpen- 5
– Hans 47179 Schützenwiese 17
– Hartmut 47259 Am Dickelsbach 70
– Helene 47199 Giesenfeld- 38
Götzen Heinrich
47226 In den Werthen 1
– Heinz 47137 Voß- 28
– Heinz 47226 Ulmen- 22
– Helga 47226 Ulmen- 19
– Helga 47198 Am Sandberg 26
– Helga 47239 Kloster- 7
– Helga 47167 Max-Planck- 42
– Helga 47058 Wildgänse- 18
– Helmut 47166 Marchfeld- 15
– Herbert 47228 Ring- 16
– Holger 47228 Ring- 25
– Ilse 47057 Fraunhofer- 15
– Ilse 47137 Von-der-Mark- 17
– Inge 47198 Knappen- 58
– Ingeborg 47239 Dorf- 68
– Inge 47137 Gerhard- 39
– Jan 47239 Dorf- 68
– Jörg 47137 Brückel- 27
– Jörg 47139 Fontaine- 23
– Johann 47198 Marien- 30
– Johannes 47137 Auf dem Damm 17
– Jutta 47057 Nahe- 39
– Karlheinz 47167 Knappen- 58
– Kerstin 47249 Semmering- 42
– Klaus 47226 Franz-Schubert- 27
– Klaus 47239 Kloster- 7
– Lore 47239 Kloster- 7
– Magdalene 47137 Voß- 28
– Magdalene 47239 Weiers Hecke 3
Firmen, Gewerbebetriebe usw. nach Namen – siehe gelber Teil
A-DU
